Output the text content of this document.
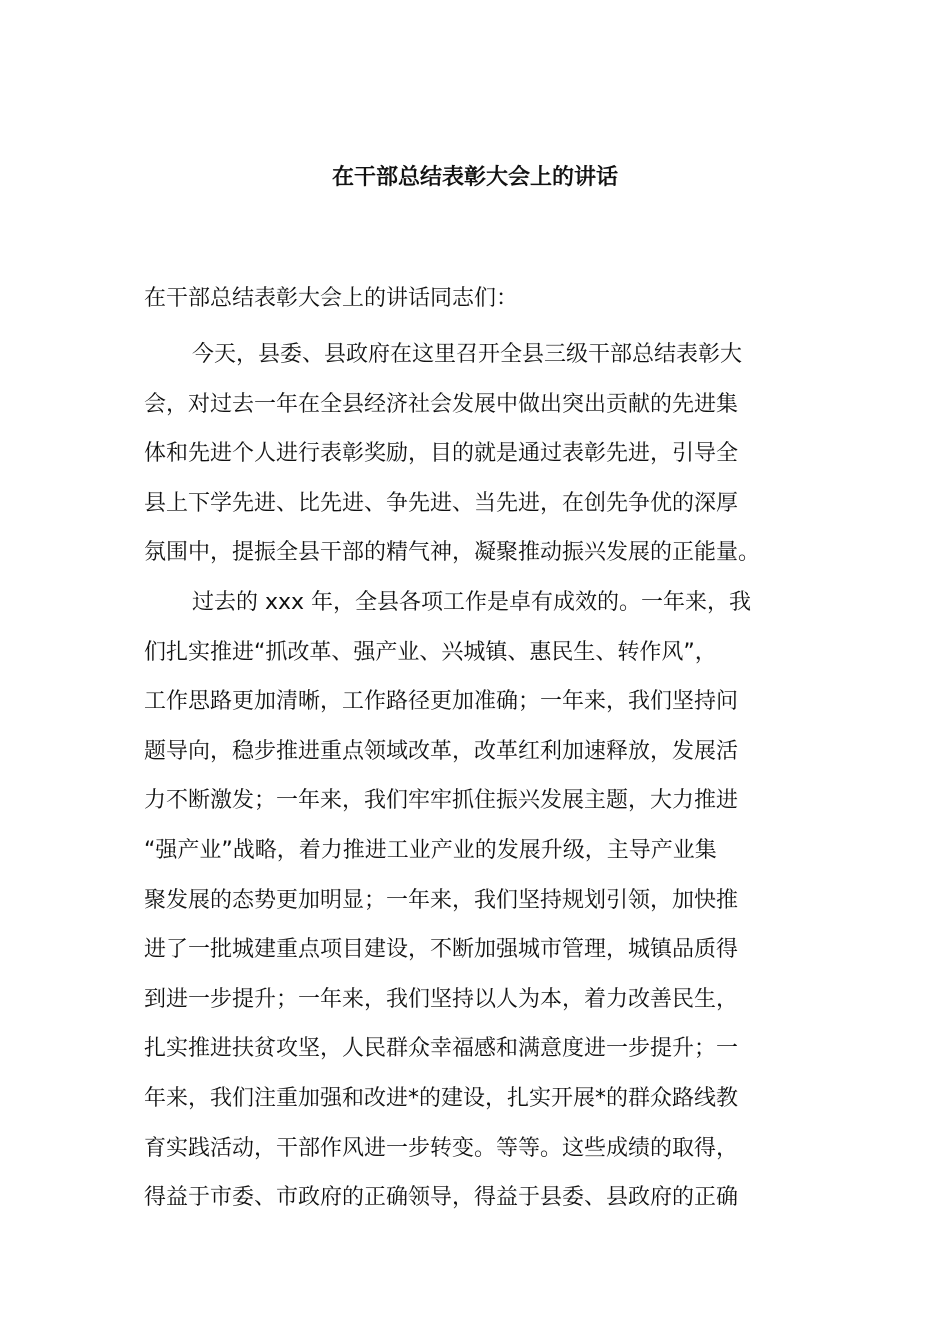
在干部总结表彰大会上的讲话
在干部总结表彰大会上的讲话同志们：
今天，县委、县政府在这里召开全县三级干部总结表彰大
会，对过去一年在全县经济社会发展中做出突出贡献的先进集
体和先进个人进行表彰奖励，目的就是通过表彰先进，引导全
县上下学先进、比先进、争先进、当先进，在创先争优的深厚
氛围中，提振全县干部的精气神，凝聚推动振兴发展的正能量。
过去的 xxx 年，全县各项工作是卓有成效的。一年来，我
们扎实推进“抓改革、强产业、兴城镇、惠民生、转作风”，
工作思路更加清晰，工作路径更加准确；一年来，我们坚持问
题导向，稳步推进重点领域改革，改革红利加速释放，发展活
力不断激发；一年来，我们牢牢抓住振兴发展主题，大力推进
“强产业”战略，着力推进工业产业的发展升级，主导产业集
聚发展的态势更加明显；一年来，我们坚持规划引领，加快推
进了一批城建重点项目建设，不断加强城市管理，城镇品质得
到进一步提升；一年来，我们坚持以人为本，着力改善民生，
扎实推进扶贫攻坚，人民群众幸福感和满意度进一步提升；一
年来，我们注重加强和改进*的建设，扎实开展*的群众路线教
育实践活动，干部作风进一步转变。等等。这些成绩的取得，
得益于市委、市政府的正确领导，得益于县委、县政府的正确
